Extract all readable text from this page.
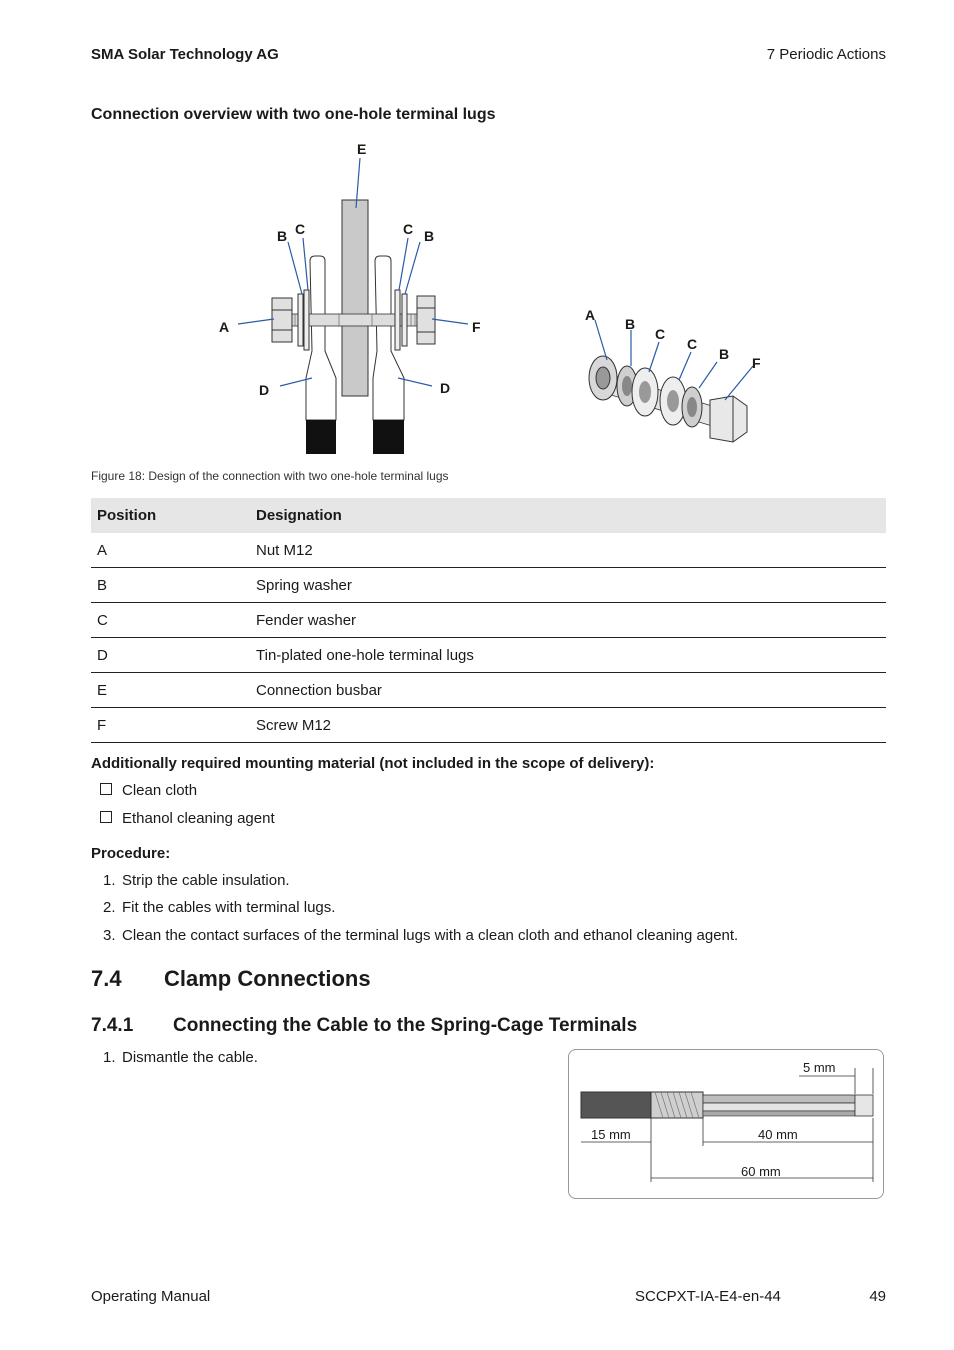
SMA Solar Technology AG	7 Periodic Actions
Connection overview with two one-hole terminal lugs
E
B C	C B
A	F
D	D
A
B
C
C
B
F
Figure 18: Design of the connection with two one-hole terminal lugs
Position	Designation
A	Nut M12
B	Spring washer
C	Fender washer
D	Tin-plated one-hole terminal lugs
E	Connection busbar
F	Screw M12
Additionally required mounting material (not included in the scope of delivery):
Clean cloth
Ethanol cleaning agent
Procedure:
1. Strip the cable insulation.
2. Fit the cables with terminal lugs.
3. Clean the contact surfaces of the terminal lugs with a clean cloth and ethanol cleaning agent.
7.4 Clamp Connections
7.4.1 Connecting the Cable to the Spring-Cage Terminals
1. Dismantle the cable.
5 mm
15 mm	40 mm
60 mm
Operating Manual	SCCPXT-IA-E4-en-44	49
